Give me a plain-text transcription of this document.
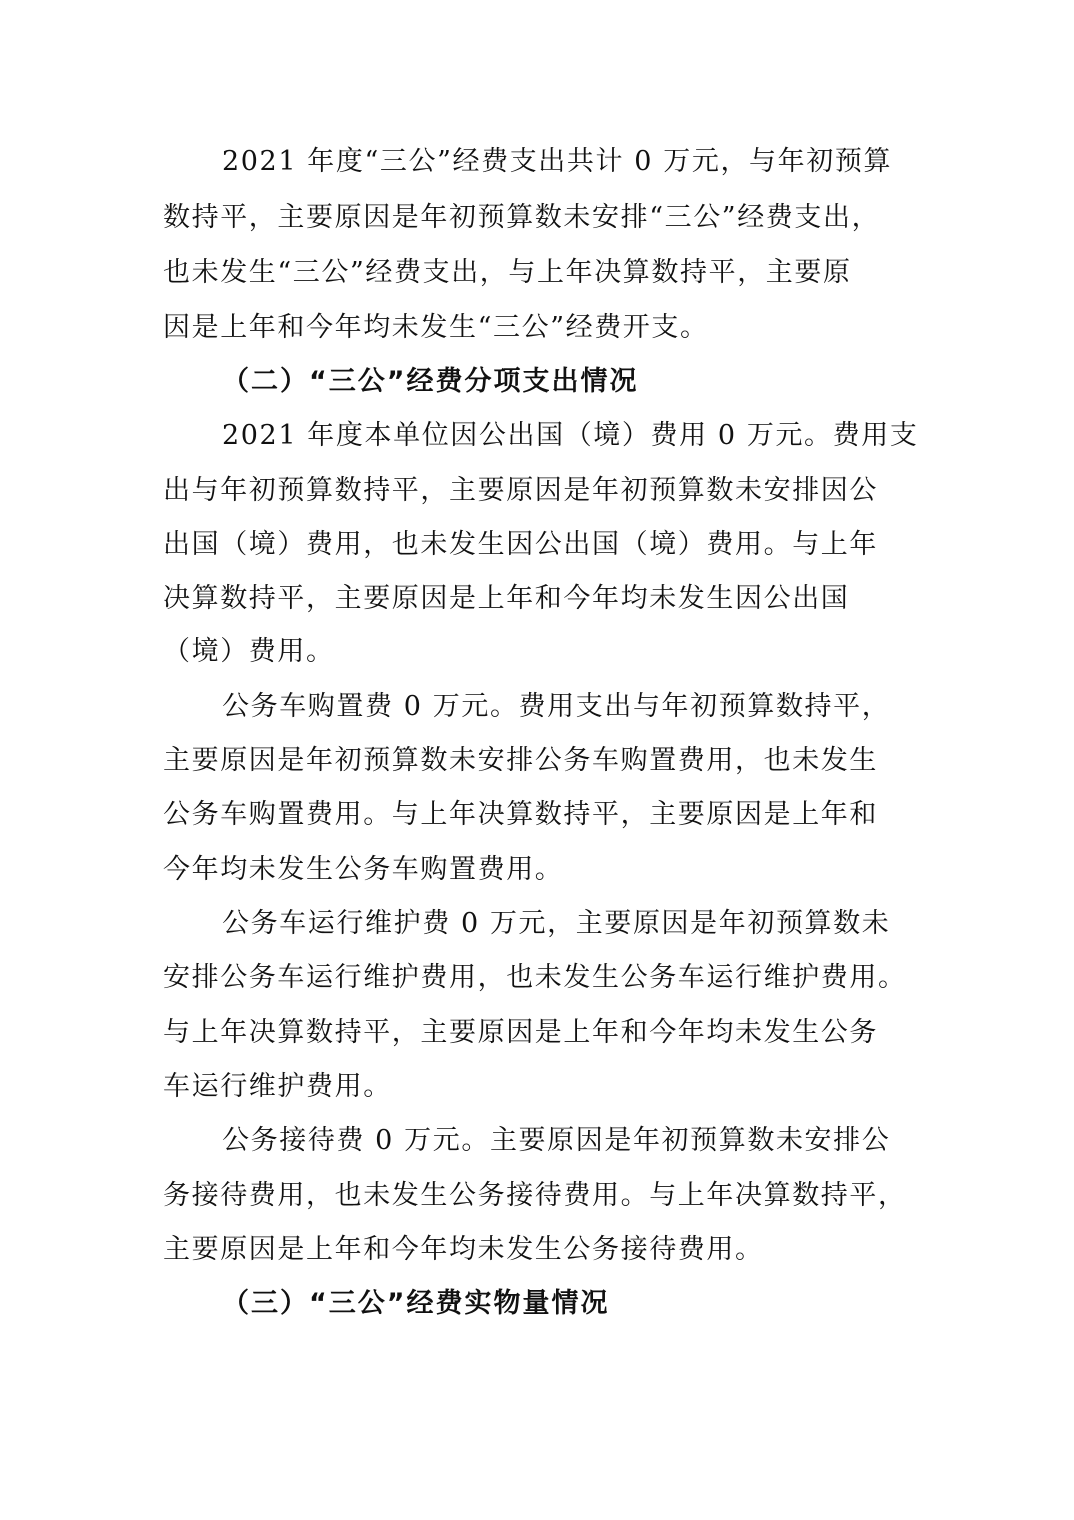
2021 年度“三公”经费支出共计 0 万元，与年初预算
数持平，主要原因是年初预算数未安排“三公”经费支出，
也未发生“三公”经费支出，与上年决算数持平，主要原
因是上年和今年均未发生“三公”经费开支。
（二）“三公”经费分项支出情况
2021 年度本单位因公出国（境）费用 0 万元。费用支
出与年初预算数持平，主要原因是年初预算数未安排因公
出国（境）费用，也未发生因公出国（境）费用。与上年
决算数持平，主要原因是上年和今年均未发生因公出国
（境）费用。
公务车购置费 0 万元。费用支出与年初预算数持平，
主要原因是年初预算数未安排公务车购置费用，也未发生
公务车购置费用。与上年决算数持平，主要原因是上年和
今年均未发生公务车购置费用。
公务车运行维护费 0 万元，主要原因是年初预算数未
安排公务车运行维护费用，也未发生公务车运行维护费用。
与上年决算数持平，主要原因是上年和今年均未发生公务
车运行维护费用。
公务接待费 0 万元。主要原因是年初预算数未安排公
务接待费用，也未发生公务接待费用。与上年决算数持平，
主要原因是上年和今年均未发生公务接待费用。
（三）“三公”经费实物量情况
